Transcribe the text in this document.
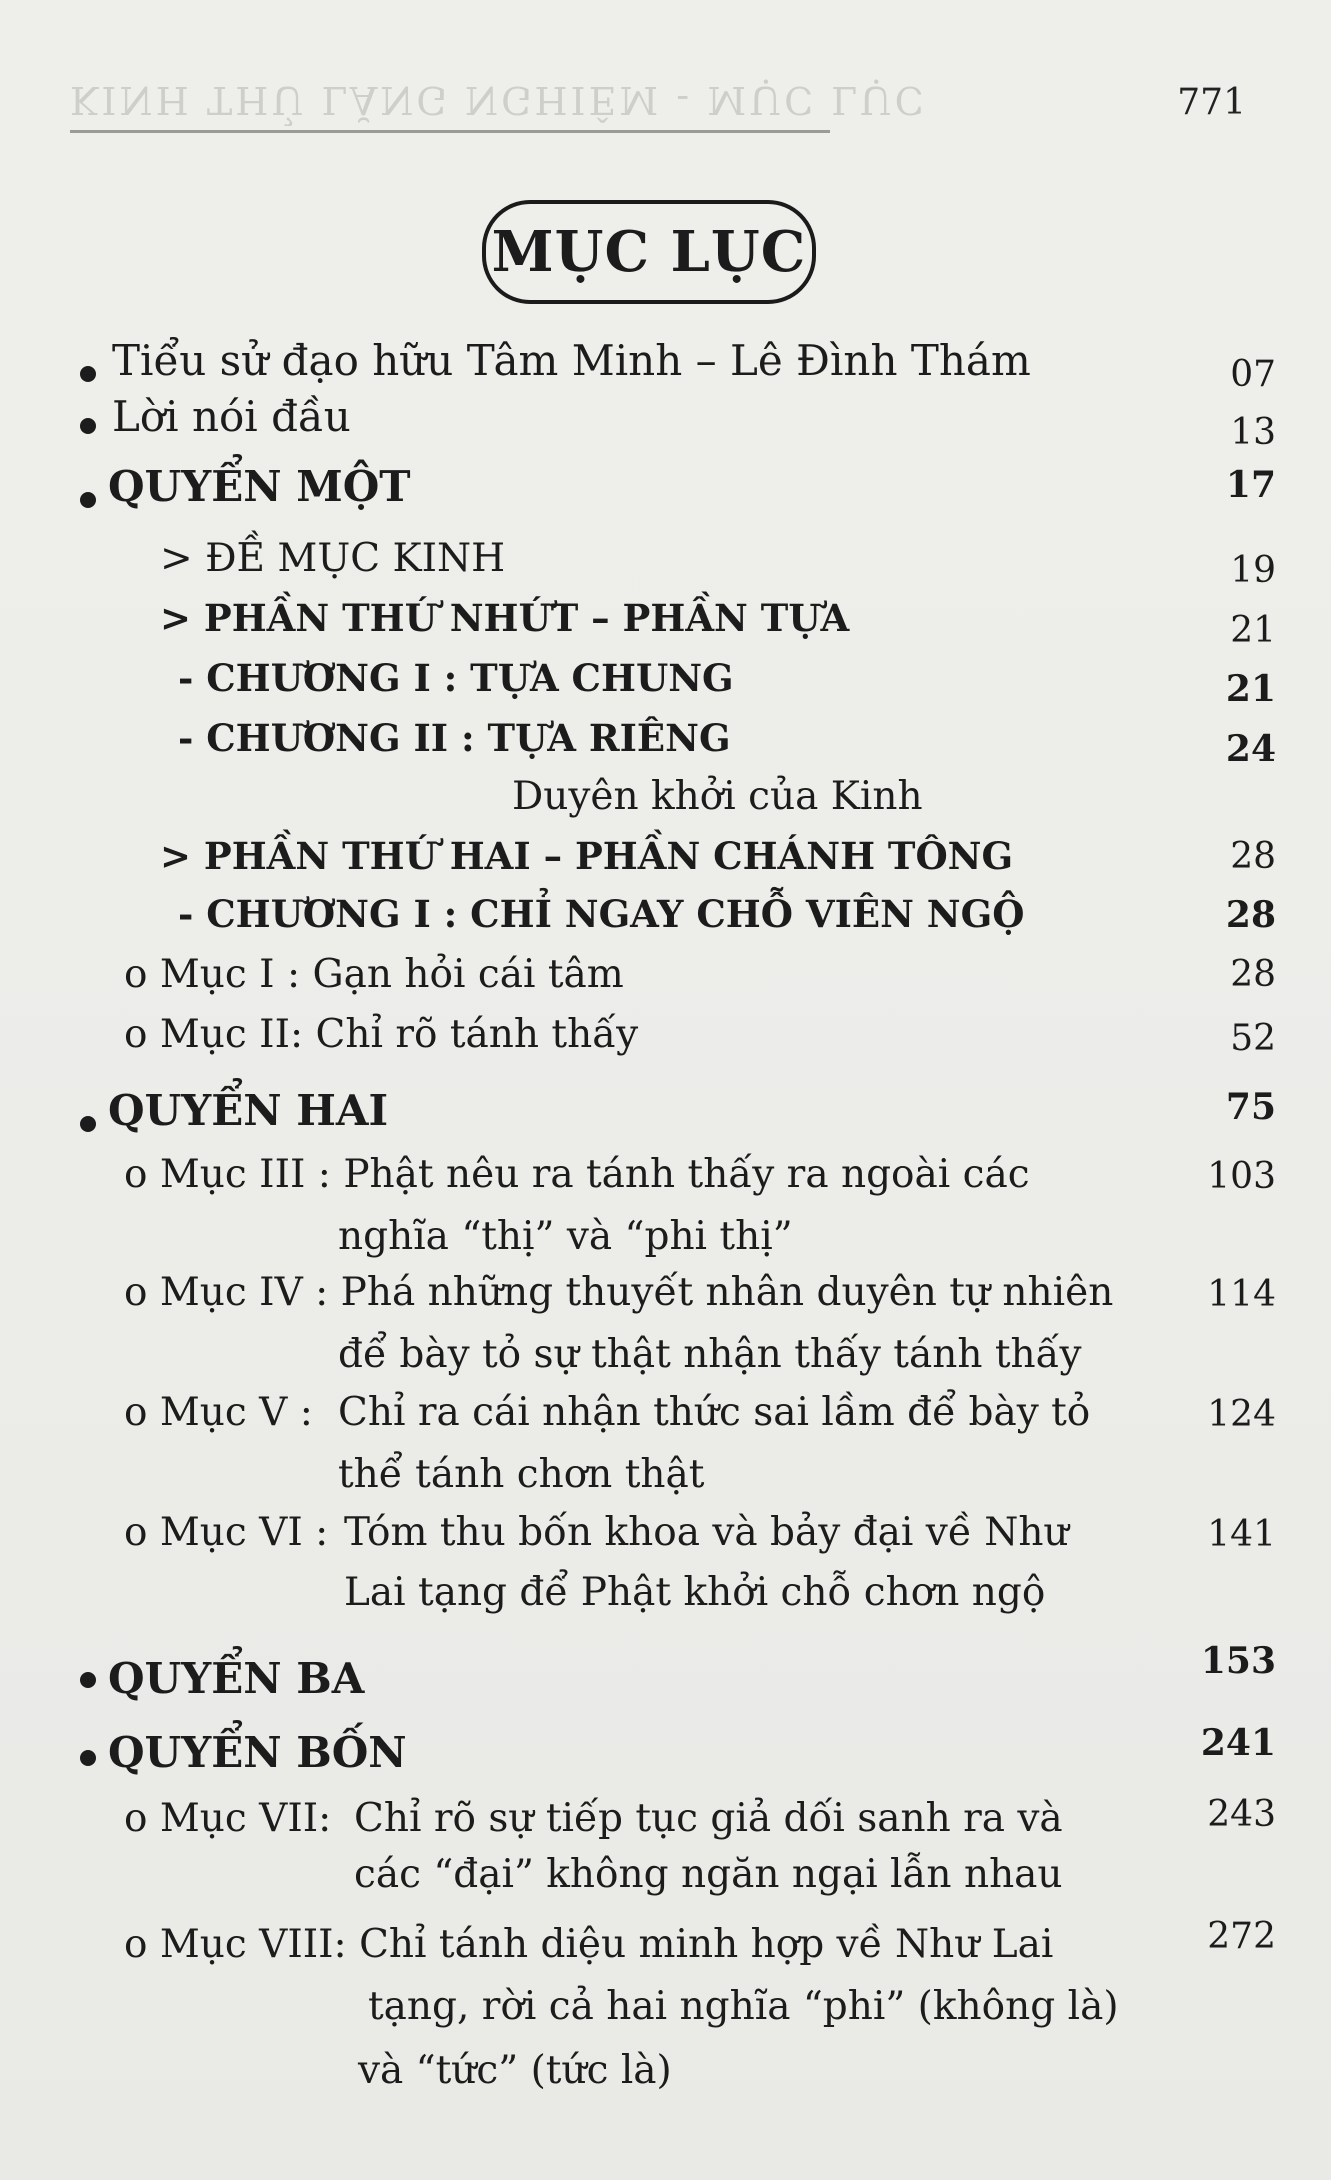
KINH THỦ LĂNG NGHIÊM - MỤC LỤC	771
MỤC LỤC
Tiểu sử đạo hữu Tâm Minh – Lê Đình Thám	07
Lời nói đầu	13
QUYỂN MỘT	17
> ĐỀ MỤC KINH	19
> PHẦN THỨ NHỨT – PHẦN TỰA	21
- CHƯƠNG I : TỰA CHUNG	21
- CHƯƠNG II : TỰA RIÊNG	24
Duyên khởi của Kinh
> PHẦN THỨ HAI – PHẦN CHÁNH TÔNG	28
- CHƯƠNG I : CHỈ NGAY CHỖ VIÊN NGỘ	28
o Mục I : Gạn hỏi cái tâm	28
o Mục II: Chỉ rõ tánh thấy	52
QUYỂN HAI	75
o Mục III : Phật nêu ra tánh thấy ra ngoài các	103
nghĩa “thị” và “phi thị”
o Mục IV : Phá những thuyết nhân duyên tự nhiên	114
để bày tỏ sự thật nhận thấy tánh thấy
o Mục V : Chỉ ra cái nhận thức sai lầm để bày tỏ	124
thể tánh chơn thật
o Mục VI : Tóm thu bốn khoa và bảy đại về Như	141
Lai tạng để Phật khởi chỗ chơn ngộ
QUYỂN BA	153
QUYỂN BỐN	241
o Mục VII: Chỉ rõ sự tiếp tục giả dối sanh ra và	243
các “đại” không ngăn ngại lẫn nhau
o Mục VIII: Chỉ tánh diệu minh hợp về Như Lai	272
tạng, rời cả hai nghĩa “phi” (không là)
và “tức” (tức là)
